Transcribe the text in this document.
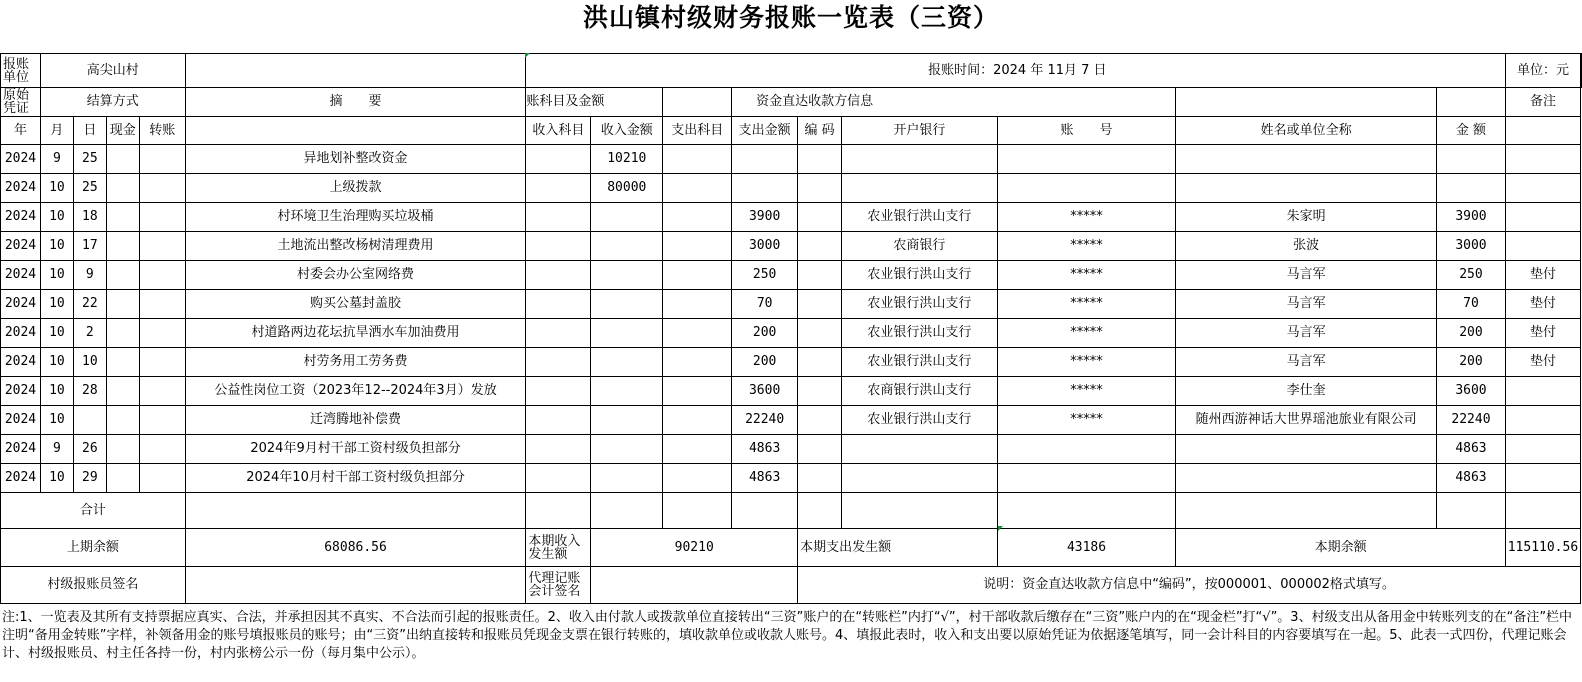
洪山镇村级财务报账一览表（三资）
报账单位	高尖山村					报账时间：2024 年 11月 7 日									单位：元	
原始凭证	结算方式				摘　　要	账科目及金额			资金直达收款方信息						备注	
年	月	日	现金	转账		收入科目	收入金额	支出科目	支出金额	编 码	开户银行	账　　号	姓名或单位全称	金 额		
2024	9	25			异地划补整改资金		10210									
2024	10	25			上级拨款		80000									
2024	10	18			村环境卫生治理购买垃圾桶				3900		农业银行洪山支行	*****	朱家明	3900		
2024	10	17			土地流出整改杨树清理费用				3000		农商银行	*****	张波	3000		
2024	10	9			村委会办公室网络费				250		农业银行洪山支行	*****	马言军	250	垫付	
2024	10	22			购买公墓封盖胶				70		农业银行洪山支行	*****	马言军	70	垫付	
2024	10	2			村道路两边花坛抗旱洒水车加油费用				200		农业银行洪山支行	*****	马言军	200	垫付	
2024	10	10			村劳务用工劳务费				200		农业银行洪山支行	*****	马言军	200	垫付	
2024	10	28			公益性岗位工资（2023年12--2024年3月）发放				3600		农商银行洪山支行	*****	李仕奎	3600		
2024	10				迁湾腾地补偿费				22240		农业银行洪山支行	*****	随州西游神话大世界瑶池旅业有限公司	22240		
2024	9	26			2024年9月村干部工资村级负担部分				4863					4863		
2024	10	29			2024年10月村干部工资村级负担部分				4863					4863		
合计																
上期余额					68086.56	本期收入发生额	90210			本期支出发生额		43186	本期余额		115110.56	
村级报账员签名						代理记账会计签名				说明：资金直达收款方信息中“编码”，按000001、000002格式填写。						
注:1、一览表及其所有支持票据应真实、合法，并承担因其不真实、不合法而引起的报账责任。2、收入由付款人或拨款单位直接转出“三资”账户的在“转账栏”内打“√”，村干部收款后缴存在“三资”账户内的在“现金栏”打“√”。3、村级支出从备用金中转账列支的在“备注”栏中注明“备用金转账”字样，补领备用金的账号填报账员的账号；由“三资”出纳直接转和报账员凭现金支票在银行转账的，填收款单位或收款人账号。4、填报此表时，收入和支出要以原始凭证为依据逐笔填写，同一会计科目的内容要填写在一起。5、此表一式四份，代理记账会计、村级报账员、村主任各持一份，村内张榜公示一份（每月集中公示）。
